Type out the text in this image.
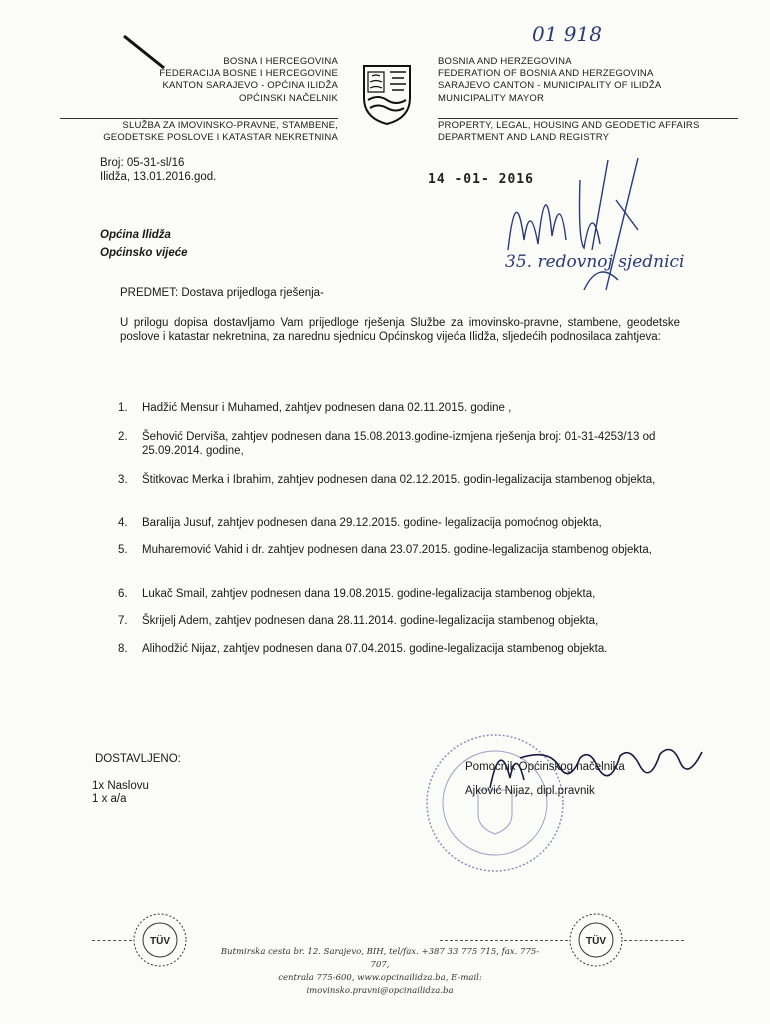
01 918
BOSNA I HERCEGOVINA
FEDERACIJA BOSNE I HERCEGOVINE
KANTON SARAJEVO - OPĆINA ILIDŽA
OPĆINSKI NAČELNIK
SLUŽBA ZA IMOVINSKO-PRAVNE, STAMBENE,
GEODETSKE POSLOVE I KATASTAR NEKRETNINA
BOSNIA AND HERZEGOVINA
FEDERATION OF BOSNIA AND HERZEGOVINA
SARAJEVO CANTON - MUNICIPALITY OF ILIDŽA
MUNICIPALITY MAYOR
PROPERTY, LEGAL, HOUSING AND GEODETIC AFFAIRS
DEPARTMENT AND LAND REGISTRY
Broj: 05-31-sl/16
Ilidža, 13.01.2016.god.	14 -01- 2016
35. redovnoj sjednici
Općina Ilidža
Općinsko vijeće
PREDMET: Dostava prijedloga rješenja-
U prilogu dopisa dostavljamo Vam prijedloge rješenja Službe za imovinsko-pravne, stambene, geodetske poslove i katastar nekretnina, za narednu sjednicu Općinskog vijeća Ilidža, sljedećih podnosilaca zahtjeva:
1.	Hadžić Mensur i Muhamed, zahtjev podnesen dana 02.11.2015. godine ,
2.	Šehović Derviša, zahtjev podnesen dana 15.08.2013.godine-izmjena rješenja broj: 01-31-4253/13 od 25.09.2014. godine,
3.	Štitkovac Merka i Ibrahim, zahtjev podnesen dana 02.12.2015. godin-legalizacija stambenog objekta,
4.	Baralija Jusuf, zahtjev podnesen dana 29.12.2015. godine- legalizacija pomoćnog objekta,
5.	Muharemović Vahid i dr. zahtjev podnesen dana 23.07.2015. godine-legalizacija stambenog objekta,
6.	Lukač Smail, zahtjev podnesen dana 19.08.2015. godine-legalizacija stambenog objekta,
7.	Škrijelj Adem, zahtjev podnesen dana 28.11.2014. godine-legalizacija stambenog objekta,
8.	Alihodžić Nijaz, zahtjev podnesen dana 07.04.2015. godine-legalizacija stambenog objekta.
DOSTAVLJENO:
1x Naslovu
1 x a/a
Pomoćnik Općinskog načelnika
Ajković Nijaz, dipl.pravnik
TÜV	TÜV
Butmirska cesta br. 12. Sarajevo, BIH, tel/fax. +387 33 775 715, fax. 775-707,
centrala 775-600, www.opcinailidza.ba, E-mail: imovinsko.pravni@opcinailidza.ba
